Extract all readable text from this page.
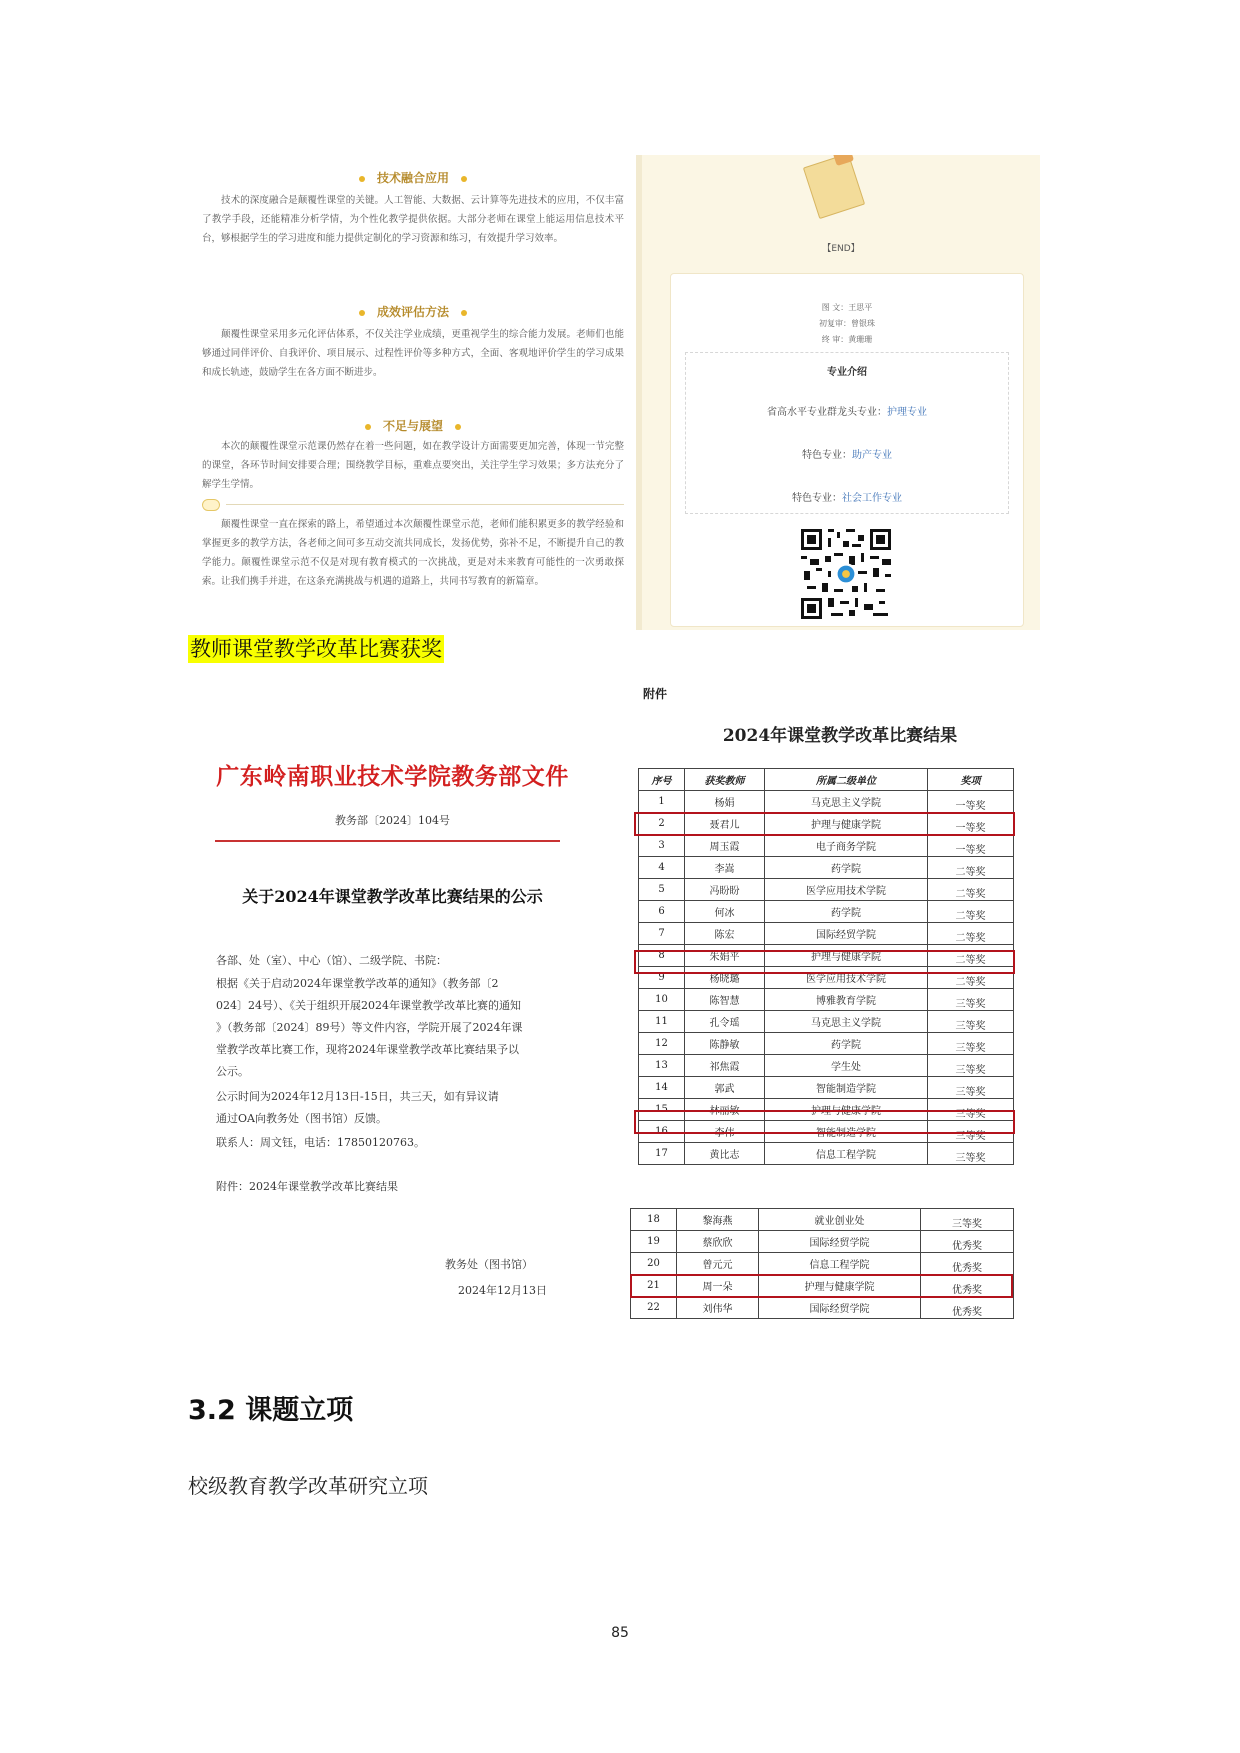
技术融合应用
技术的深度融合是颠覆性课堂的关键。人工智能、大数据、云计算等先进技术的应用，不仅丰富了教学手段，还能精准分析学情，为个性化教学提供依据。大部分老师在课堂上能运用信息技术平台，够根据学生的学习进度和能力提供定制化的学习资源和练习，有效提升学习效率。
成效评估方法
颠覆性课堂采用多元化评估体系，不仅关注学业成绩，更重视学生的综合能力发展。老师们也能够通过同伴评价、自我评价、项目展示、过程性评价等多种方式，全面、客观地评价学生的学习成果和成长轨迹，鼓励学生在各方面不断进步。
不足与展望
本次的颠覆性课堂示范课仍然存在着一些问题，如在教学设计方面需要更加完善，体现一节完整的课堂，各环节时间安排要合理；围绕教学目标，重难点要突出，关注学生学习效果；多方法充分了解学生学情。
颠覆性课堂一直在探索的路上，希望通过本次颠覆性课堂示范，老师们能积累更多的教学经验和掌握更多的教学方法，各老师之间可多互动交流共同成长，发扬优势，弥补不足，不断提升自己的教学能力。颠覆性课堂示范不仅是对现有教育模式的一次挑战，更是对未来教育可能性的一次勇敢探索。让我们携手并进，在这条充满挑战与机遇的道路上，共同书写教育的新篇章。
【END】
图 文：王思平
初复审：曾银珠
终 审：黄珊珊
专业介绍
省高水平专业群龙头专业：护理专业
特色专业：助产专业
特色专业：社会工作专业
教师课堂教学改革比赛获奖
广东岭南职业技术学院教务部文件
教务部〔2024〕104号
关于2024年课堂教学改革比赛结果的公示
各部、处（室）、中心（馆）、二级学院、书院：
根据《关于启动2024年课堂教学改革的通知》（教务部〔2
024〕24号）、《关于组织开展2024年课堂教学改革比赛的通知
》（教务部〔2024〕89号）等文件内容，学院开展了2024年课
堂教学改革比赛工作，现将2024年课堂教学改革比赛结果予以
公示。
公示时间为2024年12月13日-15日，共三天，如有异议请
通过OA向教务处（图书馆）反馈。
联系人：周文钰，电话：17850120763。
附件：2024年课堂教学改革比赛结果
教务处（图书馆）
2024年12月13日
附件
2024年课堂教学改革比赛结果
序号	获奖教师	所属二级单位	奖项
1	杨娟	马克思主义学院	一等奖
2	聂君儿	护理与健康学院	一等奖
3	周玉霞	电子商务学院	一等奖
4	李嵩	药学院	二等奖
5	冯盼盼	医学应用技术学院	二等奖
6	何冰	药学院	二等奖
7	陈宏	国际经贸学院	二等奖
8	朱娟平	护理与健康学院	二等奖
9	杨晓璐	医学应用技术学院	二等奖
10	陈智慧	博雅教育学院	三等奖
11	孔令瑶	马克思主义学院	三等奖
12	陈静敏	药学院	三等奖
13	祁焦霞	学生处	三等奖
14	郭武	智能制造学院	三等奖
15	林丽敏	护理与健康学院	三等奖
16	李伟	智能制造学院	三等奖
17	黄比志	信息工程学院	三等奖
18	黎海燕	就业创业处	三等奖
19	蔡欣欣	国际经贸学院	优秀奖
20	曾元元	信息工程学院	优秀奖
21	周一朵	护理与健康学院	优秀奖
22	刘伟华	国际经贸学院	优秀奖
3.2 课题立项
校级教育教学改革研究立项
85
